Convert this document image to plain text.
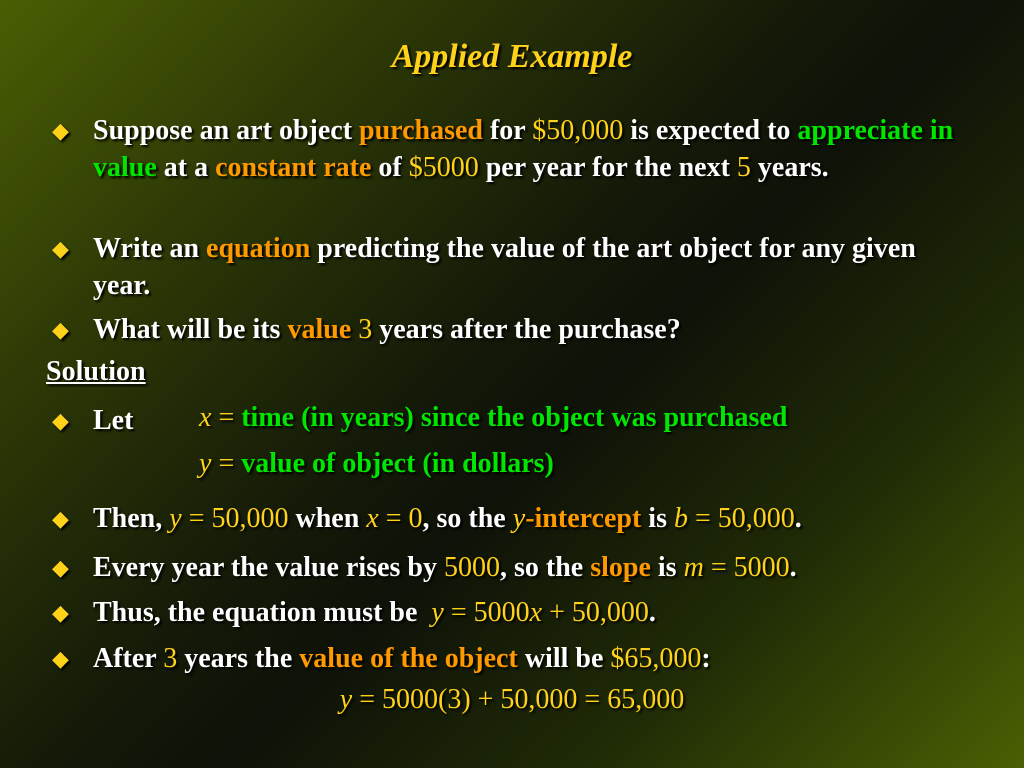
Applied Example
◆ Suppose an art object purchased for $50,000 is expected to appreciate in value at a constant rate of $5000 per year for the next 5 years.
◆ Write an equation predicting the value of the art object for any given year.
◆ What will be its value 3 years after the purchase?
Solution
◆ Let	x = time (in years) since the object was purchased
y = value of object (in dollars)
◆ Then, y = 50,000 when x = 0, so the y-intercept is b = 50,000.
◆ Every year the value rises by 5000, so the slope is m = 5000.
◆ Thus, the equation must be  y = 5000x + 50,000.
◆ After 3 years the value of the object will be $65,000:
y = 5000(3) + 50,000 = 65,000
